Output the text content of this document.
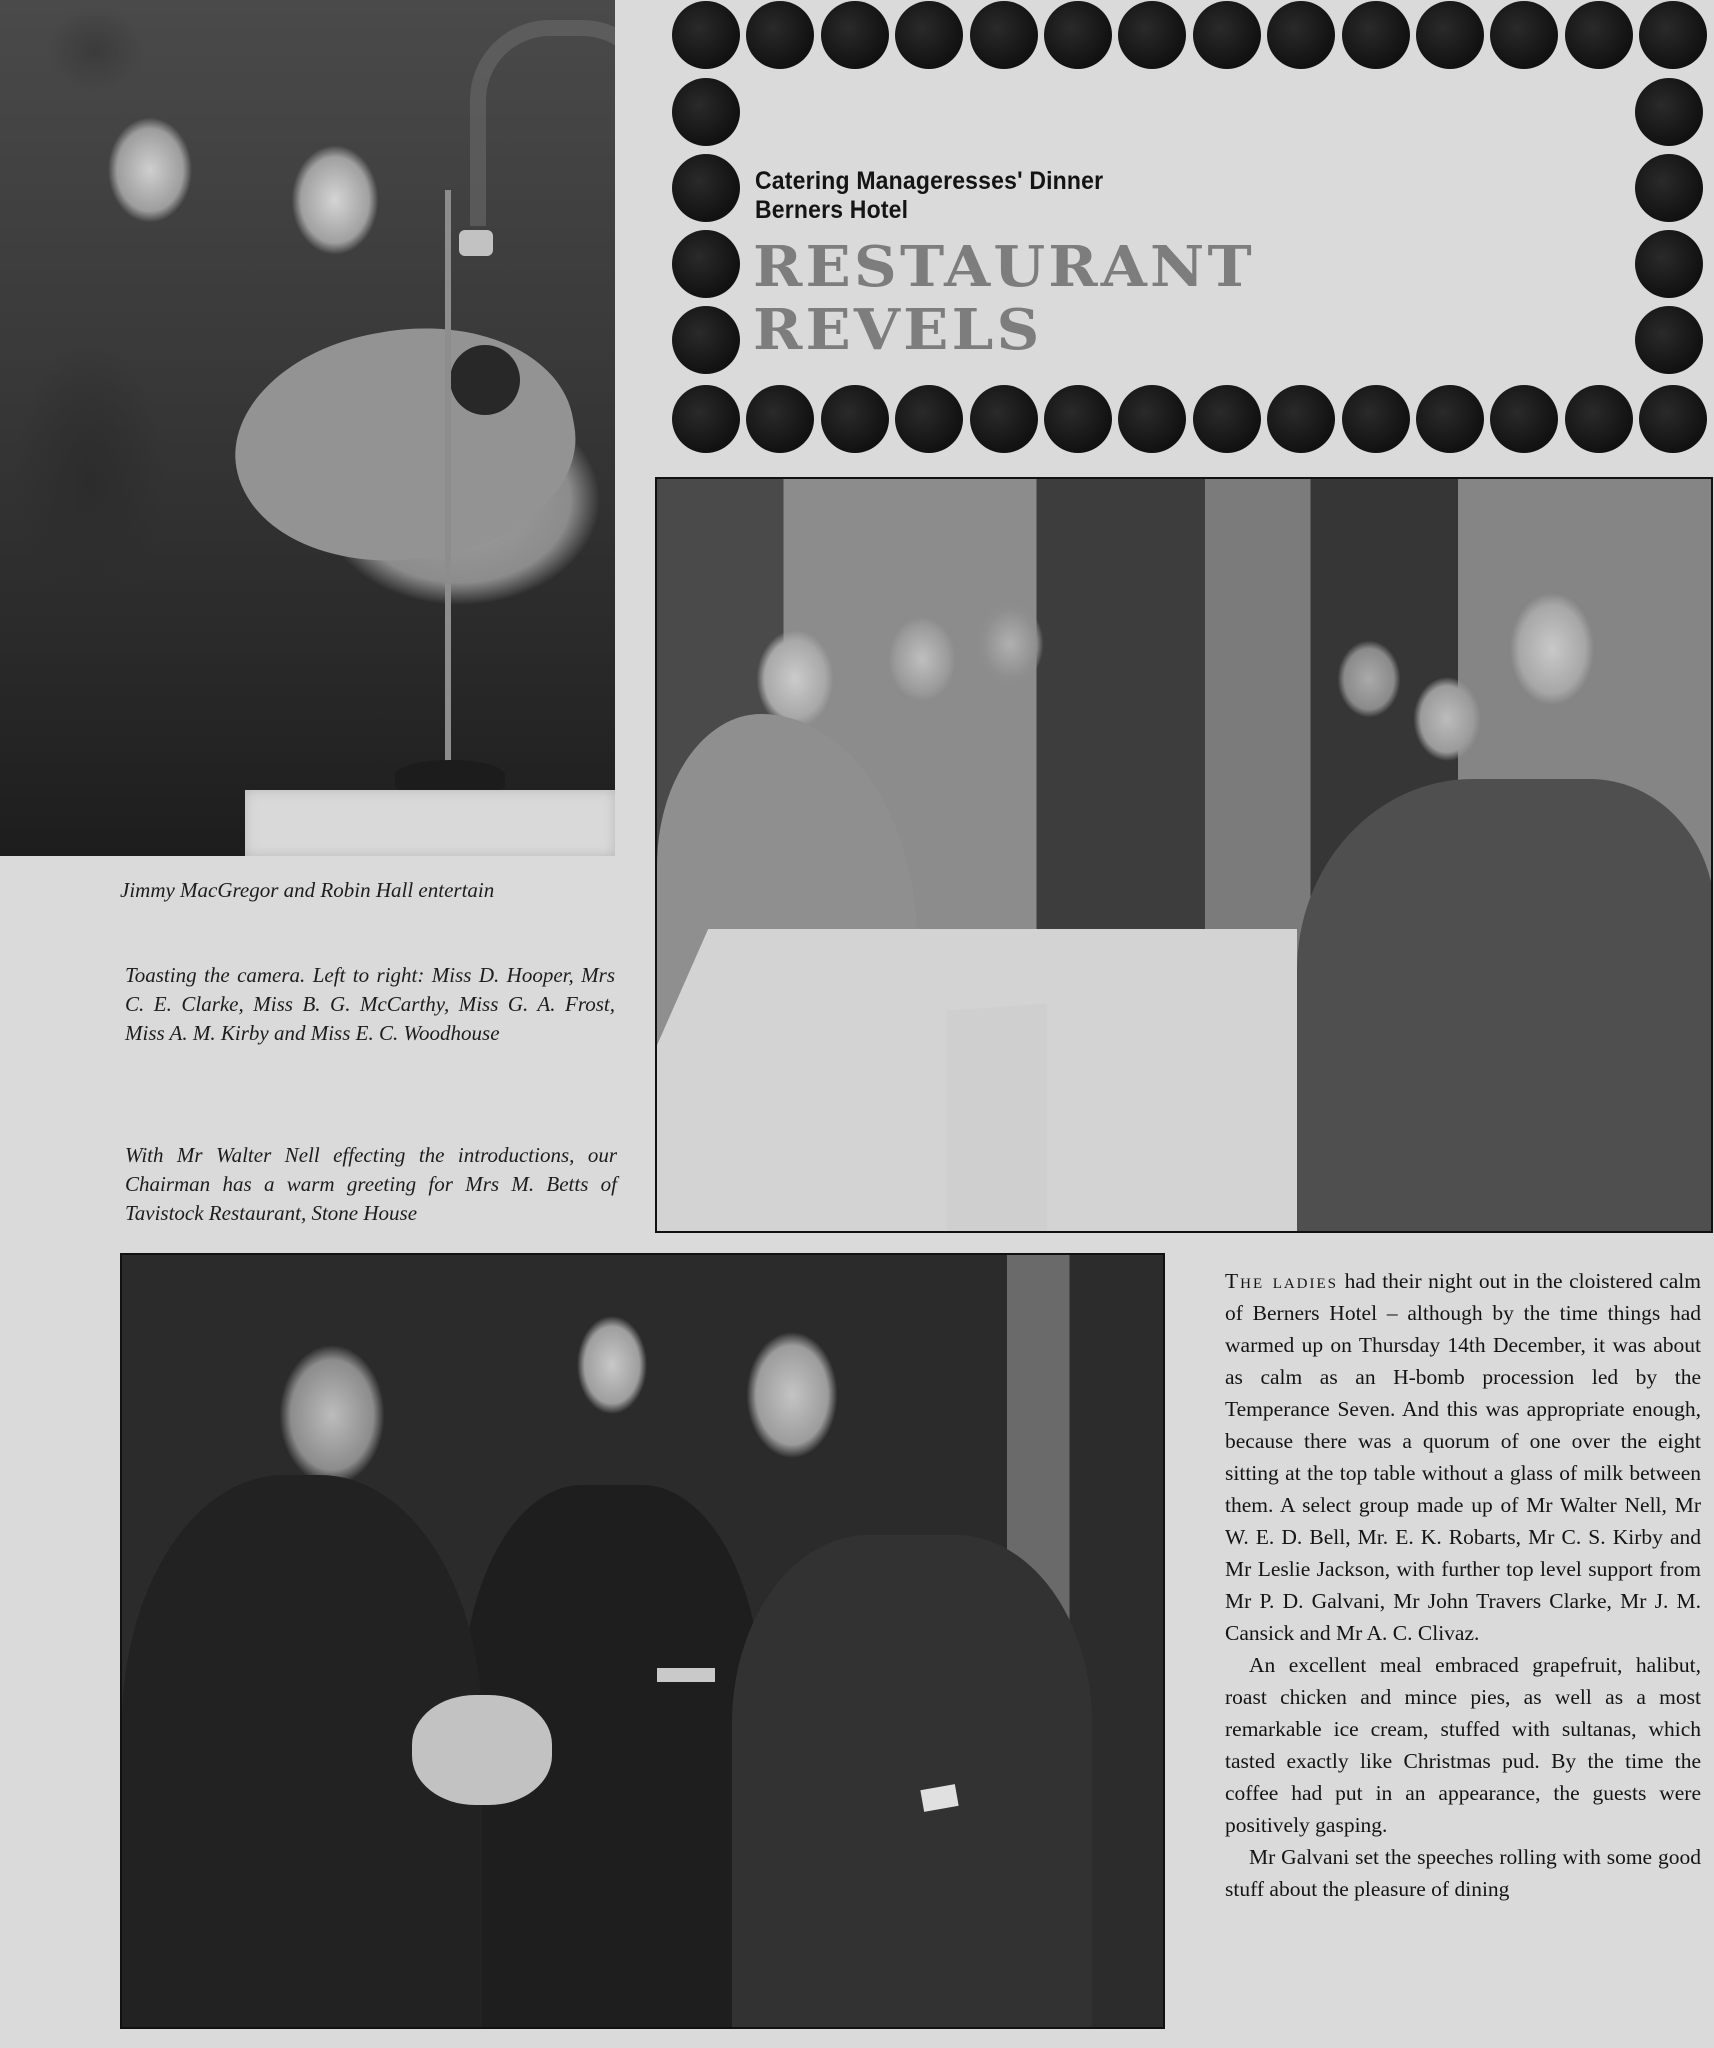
Catering Manageresses' Dinner
Berners Hotel
RESTAURANT
REVELS
Jimmy MacGregor and Robin Hall entertain
Toasting the camera. Left to right: Miss D. Hooper, Mrs C. E. Clarke, Miss B. G. McCarthy, Miss G. A. Frost, Miss A. M. Kirby and Miss E. C. Woodhouse
With Mr Walter Nell effecting the introductions, our Chairman has a warm greeting for Mrs M. Betts of Tavistock Restaurant, Stone House

The ladies had their night out in the cloistered calm of Berners Hotel – although by the time things had warmed up on Thursday 14th December, it was about as calm as an H-bomb procession led by the Temperance Seven. And this was appropriate enough, because there was a quorum of one over the eight sitting at the top table without a glass of milk between them. A select group made up of Mr Walter Nell, Mr W. E. D. Bell, Mr. E. K. Robarts, Mr C. S. Kirby and Mr Leslie Jackson, with further top level support from Mr P. D. Galvani, Mr John Travers Clarke, Mr J. M. Cansick and Mr A. C. Clivaz.

An excellent meal embraced grapefruit, halibut, roast chicken and mince pies, as well as a most remarkable ice cream, stuffed with sultanas, which tasted exactly like Christmas pud. By the time the coffee had put in an appearance, the guests were positively gasping.

Mr Galvani set the speeches rolling with some good stuff about the pleasure of dining
